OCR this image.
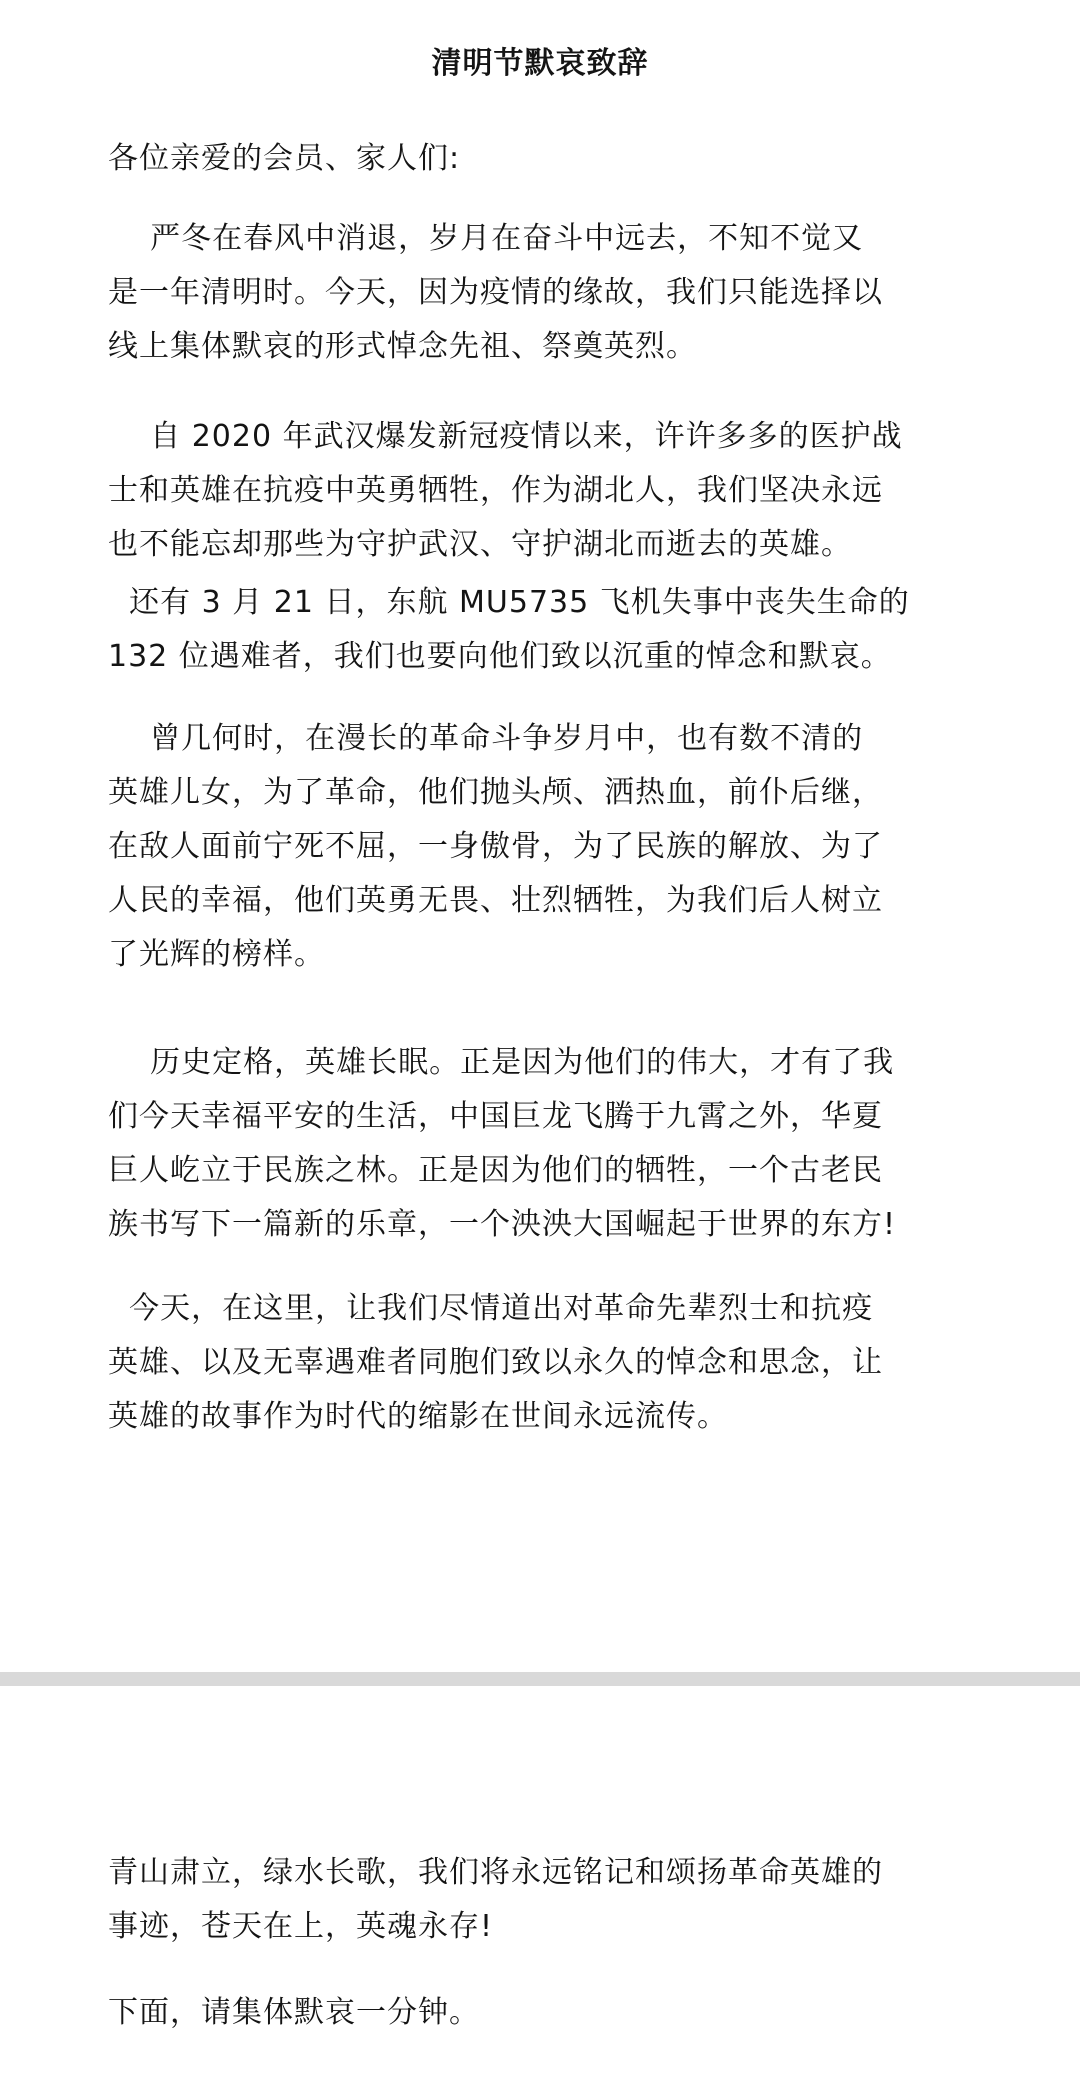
清明节默哀致辞

各位亲爱的会员、家人们:

严冬在春风中消退，岁月在奋斗中远去，不知不觉又
是一年清明时。今天，因为疫情的缘故，我们只能选择以
线上集体默哀的形式悼念先祖、祭奠英烈。

自 2020 年武汉爆发新冠疫情以来，许许多多的医护战
士和英雄在抗疫中英勇牺牲，作为湖北人，我们坚决永远
也不能忘却那些为守护武汉、守护湖北而逝去的英雄。

还有 3 月 21 日，东航 MU5735 飞机失事中丧失生命的
132 位遇难者，我们也要向他们致以沉重的悼念和默哀。

曾几何时，在漫长的革命斗争岁月中，也有数不清的
英雄儿女，为了革命，他们抛头颅、洒热血，前仆后继，
在敌人面前宁死不屈，一身傲骨，为了民族的解放、为了
人民的幸福，他们英勇无畏、壮烈牺牲，为我们后人树立
了光辉的榜样。

历史定格，英雄长眠。正是因为他们的伟大，才有了我
们今天幸福平安的生活，中国巨龙飞腾于九霄之外，华夏
巨人屹立于民族之林。正是因为他们的牺牲，一个古老民
族书写下一篇新的乐章，一个泱泱大国崛起于世界的东方!

今天，在这里，让我们尽情道出对革命先辈烈士和抗疫
英雄、以及无辜遇难者同胞们致以永久的悼念和思念，让
英雄的故事作为时代的缩影在世间永远流传。

青山肃立，绿水长歌，我们将永远铭记和颂扬革命英雄的
事迹，苍天在上，英魂永存!

下面，请集体默哀一分钟。
